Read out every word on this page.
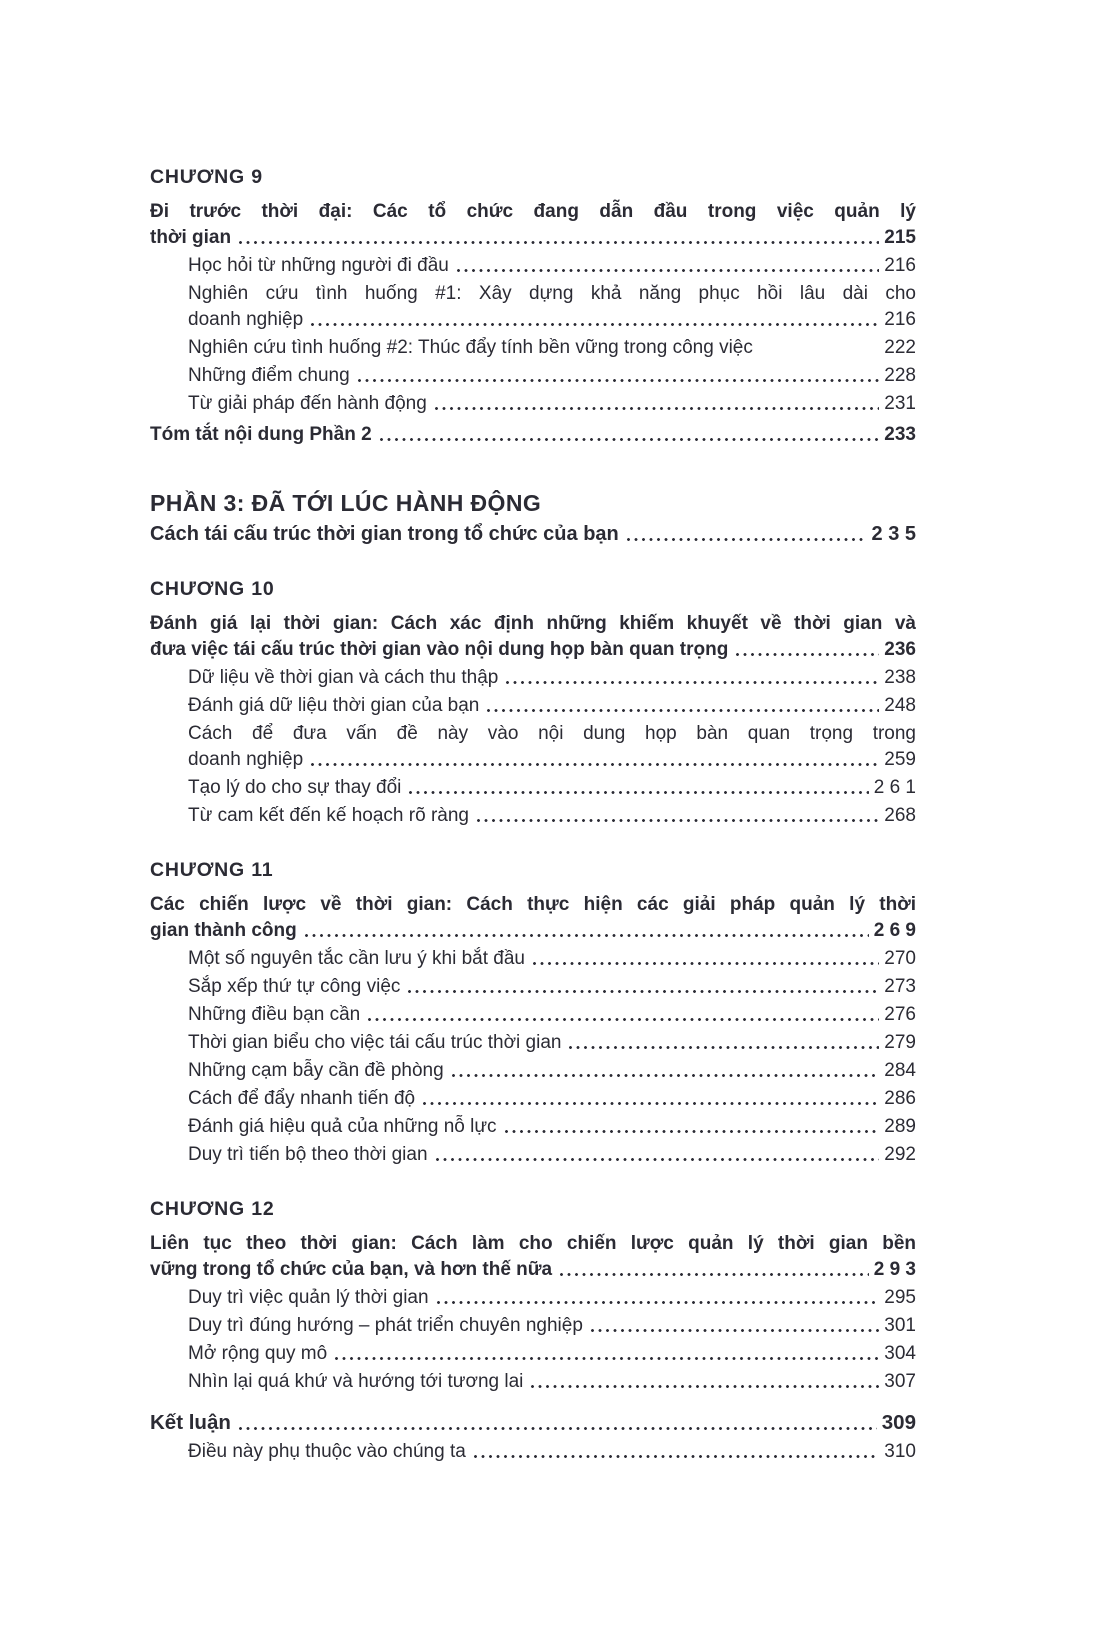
CHƯƠNG 9
Đi trước thời đại: Các tổ chức đang dẫn đầu trong việc quản lý
thời gian	215
Học hỏi từ những người đi đầu	216
Nghiên cứu tình huống #1: Xây dựng khả năng phục hồi lâu dài cho
doanh nghiệp	216
Nghiên cứu tình huống #2: Thúc đẩy tính bền vững trong công việc	222
Những điểm chung	228
Từ giải pháp đến hành động	231
Tóm tắt nội dung Phần 2	233
PHẦN 3: ĐÃ TỚI LÚC HÀNH ĐỘNG
Cách tái cấu trúc thời gian trong tổ chức của bạn	2 3 5
CHƯƠNG 10
Đánh giá lại thời gian: Cách xác định những khiếm khuyết về thời gian và
đưa việc tái cấu trúc thời gian vào nội dung họp bàn quan trọng	236
Dữ liệu về thời gian và cách thu thập	238
Đánh giá dữ liệu thời gian của bạn	248
Cách để đưa vấn đề này vào nội dung họp bàn quan trọng trong
doanh nghiệp	259
Tạo lý do cho sự thay đổi	2 6 1
Từ cam kết đến kế hoạch rõ ràng	268
CHƯƠNG 11
Các chiến lược về thời gian: Cách thực hiện các giải pháp quản lý thời
gian thành công	2 6 9
Một số nguyên tắc cần lưu ý khi bắt đầu	270
Sắp xếp thứ tự công việc	273
Những điều bạn cần	276
Thời gian biểu cho việc tái cấu trúc thời gian	279
Những cạm bẫy cần đề phòng	284
Cách để đẩy nhanh tiến độ	286
Đánh giá hiệu quả của những nỗ lực	289
Duy trì tiến bộ theo thời gian	292
CHƯƠNG 12
Liên tục theo thời gian: Cách làm cho chiến lược quản lý thời gian bền
vững trong tổ chức của bạn, và hơn thế nữa	2 9 3
Duy trì việc quản lý thời gian	295
Duy trì đúng hướng – phát triển chuyên nghiệp	301
Mở rộng quy mô	304
Nhìn lại quá khứ và hướng tới tương lai	307
Kết luận	309
Điều này phụ thuộc vào chúng ta	310
